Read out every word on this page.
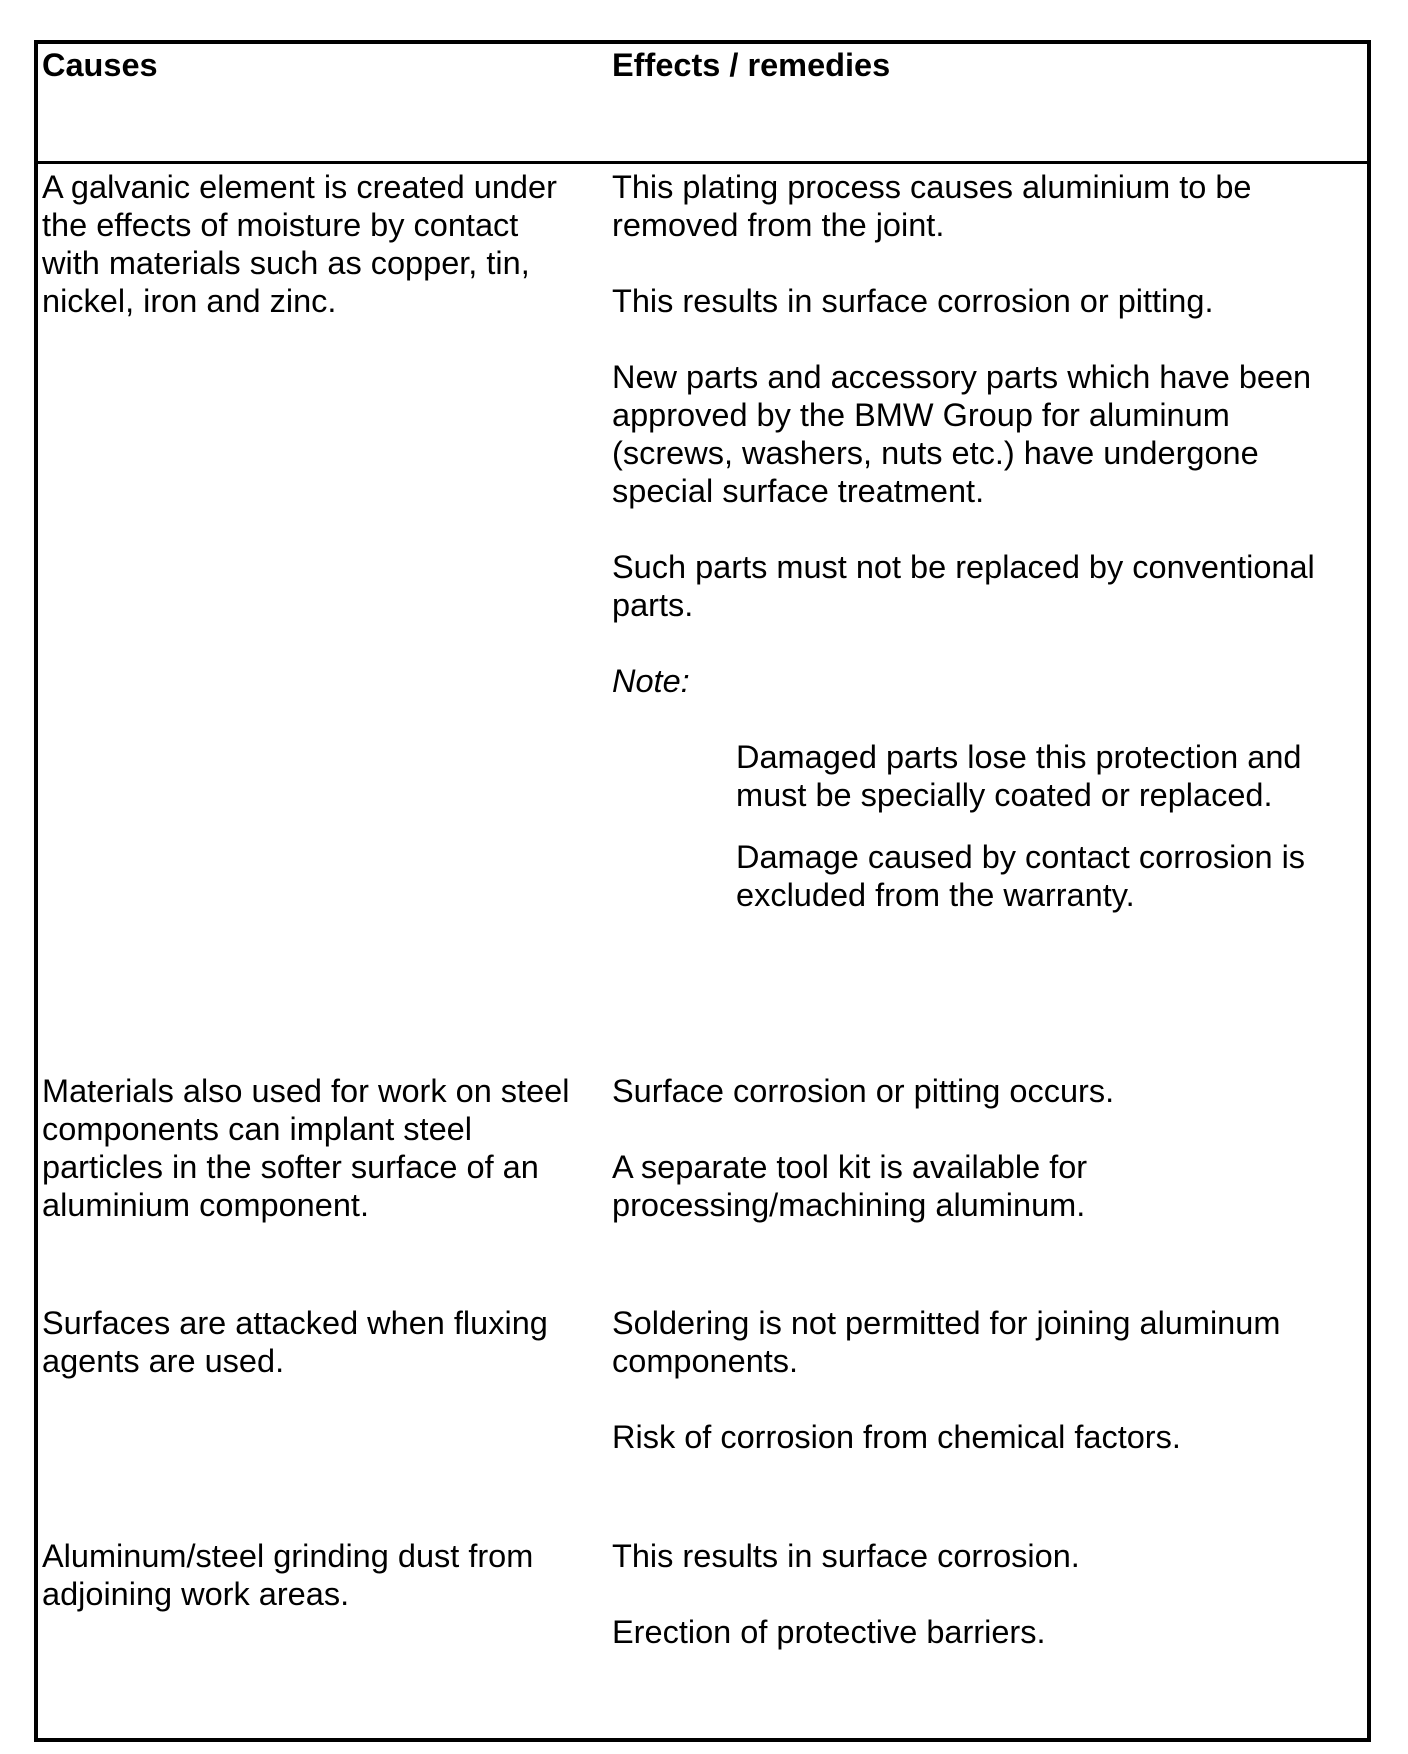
Causes	Effects / remedies

A galvanic element is created under

the effects of moisture by contact

with materials such as copper, tin,

nickel, iron and zinc.

This plating process causes aluminium to be

removed from the joint.

This results in surface corrosion or pitting.

New parts and accessory parts which have been

approved by the BMW Group for aluminum

(screws, washers, nuts etc.) have undergone

special surface treatment.

Such parts must not be replaced by conventional

parts.

Note:

Damaged parts lose this protection and

must be specially coated or replaced.

Damage caused by contact corrosion is

excluded from the warranty.

Materials also used for work on steel

components can implant steel

particles in the softer surface of an

aluminium component.

Surface corrosion or pitting occurs.

A separate tool kit is available for

processing/machining aluminum.

Surfaces are attacked when fluxing

agents are used.

Soldering is not permitted for joining aluminum

components.

Risk of corrosion from chemical factors.

Aluminum/steel grinding dust from

adjoining work areas.

This results in surface corrosion.

Erection of protective barriers.
